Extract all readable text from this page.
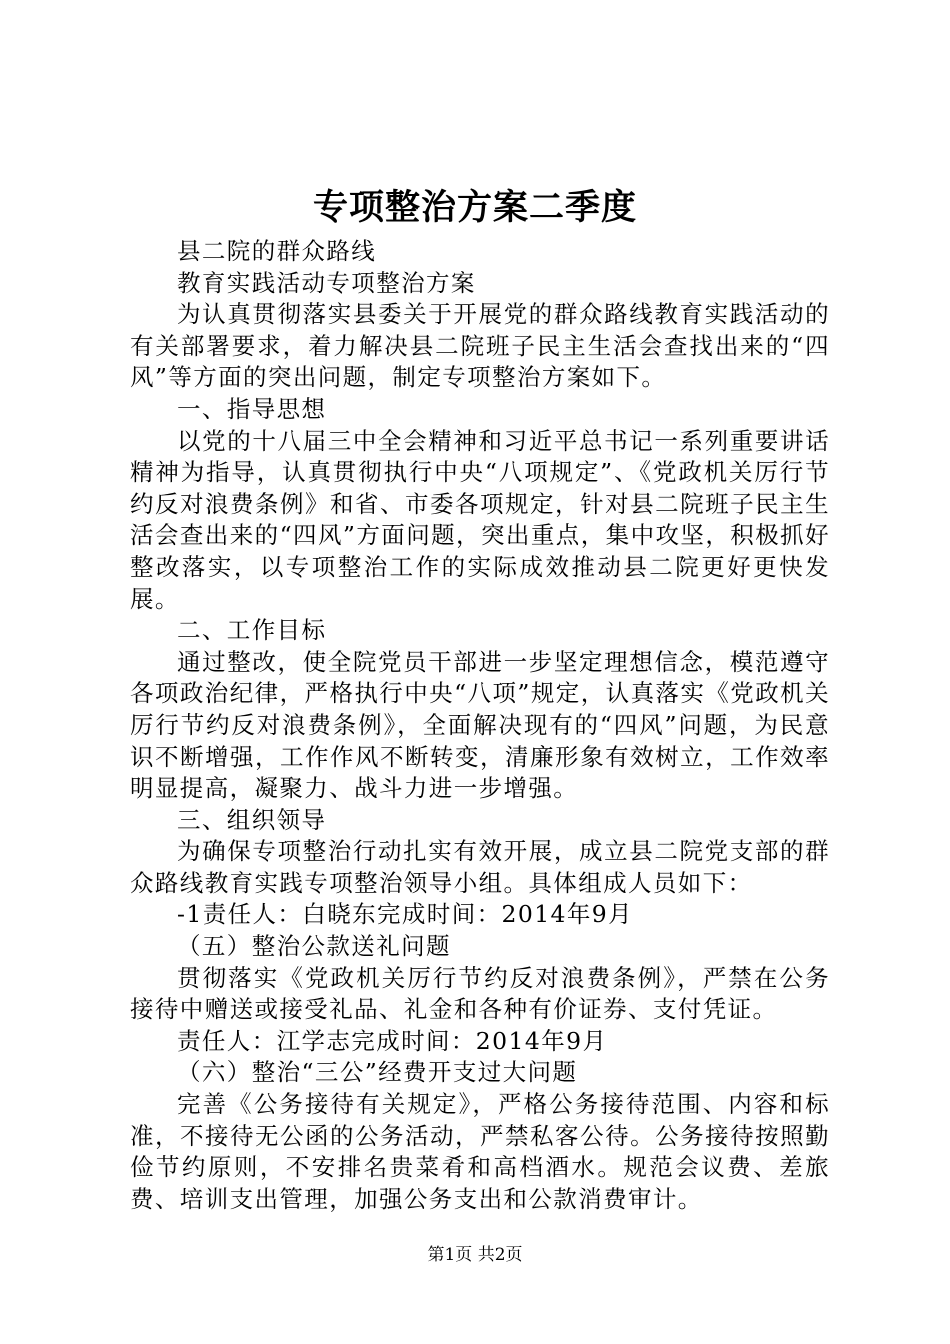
专项整治方案二季度

县二院的群众路线

教育实践活动专项整治方案

为认真贯彻落实县委关于开展党的群众路线教育实践活动的有关部署要求，着力解决县二院班子民主生活会查找出来的“四风”等方面的突出问题，制定专项整治方案如下。

一、指导思想

以党的十八届三中全会精神和习近平总书记一系列重要讲话精神为指导，认真贯彻执行中央“八项规定”、《党政机关厉行节约反对浪费条例》和省、市委各项规定，针对县二院班子民主生活会查出来的“四风”方面问题，突出重点，集中攻坚，积极抓好整改落实，以专项整治工作的实际成效推动县二院更好更快发展。

二、工作目标

通过整改，使全院党员干部进一步坚定理想信念，模范遵守各项政治纪律，严格执行中央“八项”规定，认真落实《党政机关厉行节约反对浪费条例》，全面解决现有的“四风”问题，为民意识不断增强，工作作风不断转变，清廉形象有效树立，工作效率明显提高，凝聚力、战斗力进一步增强。

三、组织领导

为确保专项整治行动扎实有效开展，成立县二院党支部的群众路线教育实践专项整治领导小组。具体组成人员如下：

-1责任人：白晓东完成时间：2014年9月

（五）整治公款送礼问题

贯彻落实《党政机关厉行节约反对浪费条例》，严禁在公务接待中赠送或接受礼品、礼金和各种有价证券、支付凭证。

责任人：江学志完成时间：2014年9月

（六）整治“三公”经费开支过大问题

完善《公务接待有关规定》，严格公务接待范围、内容和标准，不接待无公函的公务活动，严禁私客公待。公务接待按照勤俭节约原则，不安排名贵菜肴和高档酒水。规范会议费、差旅费、培训支出管理，加强公务支出和公款消费审计。

第1页 共2页
